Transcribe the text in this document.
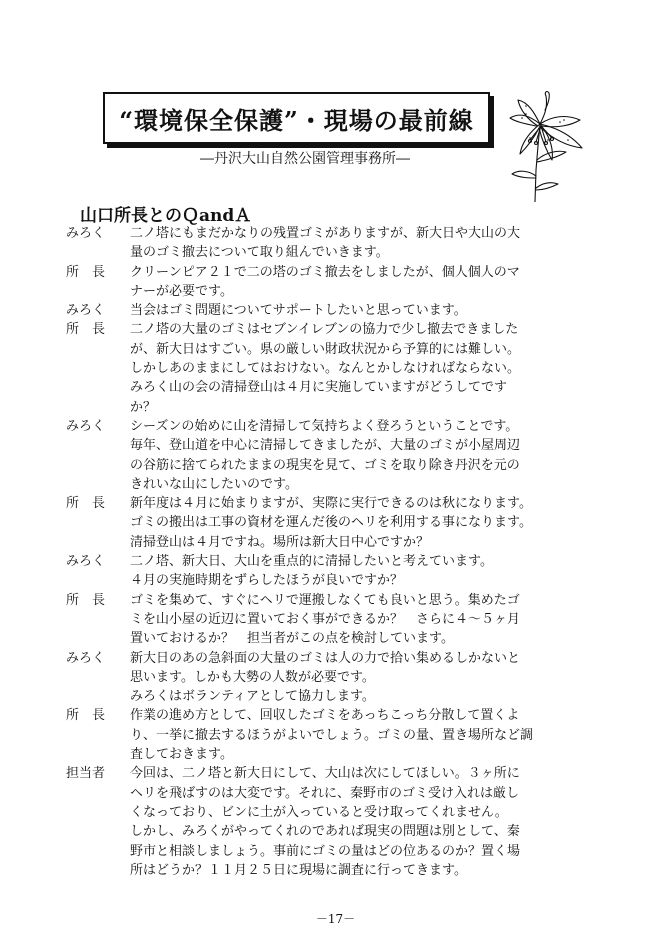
“環境保全保護”・現場の最前線
―丹沢大山自然公園管理事務所―
山口所長とのＱandＡ
みろく	二ノ塔にもまだかなりの残置ゴミがありますが、新大日や大山の大
量のゴミ撤去について取り組んでいきます。
所　長	クリーンピア２１で二の塔のゴミ撤去をしましたが、個人個人のマ
ナーが必要です。
みろく	当会はゴミ問題についてサポートしたいと思っています。
所　長	二ノ塔の大量のゴミはセブンイレブンの協力で少し撤去できました
が、新大日はすごい。県の厳しい財政状況から予算的には難しい。
しかしあのままにしてはおけない。なんとかしなければならない。
みろく山の会の清掃登山は４月に実施していますがどうしてです
か？
みろく	シーズンの始めに山を清掃して気持ちよく登ろうということです。
毎年、登山道を中心に清掃してきましたが、大量のゴミが小屋周辺
の谷筋に捨てられたままの現実を見て、ゴミを取り除き丹沢を元の
きれいな山にしたいのです。
所　長	新年度は４月に始まりますが、実際に実行できるのは秋になります。
ゴミの搬出は工事の資材を運んだ後のヘリを利用する事になります。
清掃登山は４月ですね。場所は新大日中心ですか？
みろく	二ノ塔、新大日、大山を重点的に清掃したいと考えています。
４月の実施時期をずらしたほうが良いですか？
所　長	ゴミを集めて、すぐにヘリで運搬しなくても良いと思う。集めたゴ
ミを山小屋の近辺に置いておく事ができるか？　さらに４～５ヶ月
置いておけるか？　担当者がこの点を検討しています。
みろく	新大日のあの急斜面の大量のゴミは人の力で拾い集めるしかないと
思います。しかも大勢の人数が必要です。
みろくはボランティアとして協力します。
所　長	作業の進め方として、回収したゴミをあっちこっち分散して置くよ
り、一挙に撤去するほうがよいでしょう。ゴミの量、置き場所など調
査しておきます。
担当者	今回は、二ノ塔と新大日にして、大山は次にしてほしい。３ヶ所に
ヘリを飛ばすのは大変です。それに、秦野市のゴミ受け入れは厳し
くなっており、ビンに土が入っていると受け取ってくれません。
しかし、みろくがやってくれのであれば現実の問題は別として、秦
野市と相談しましょう。事前にゴミの量はどの位あるのか？置く場
所はどうか？１１月２５日に現場に調査に行ってきます。
－17－
